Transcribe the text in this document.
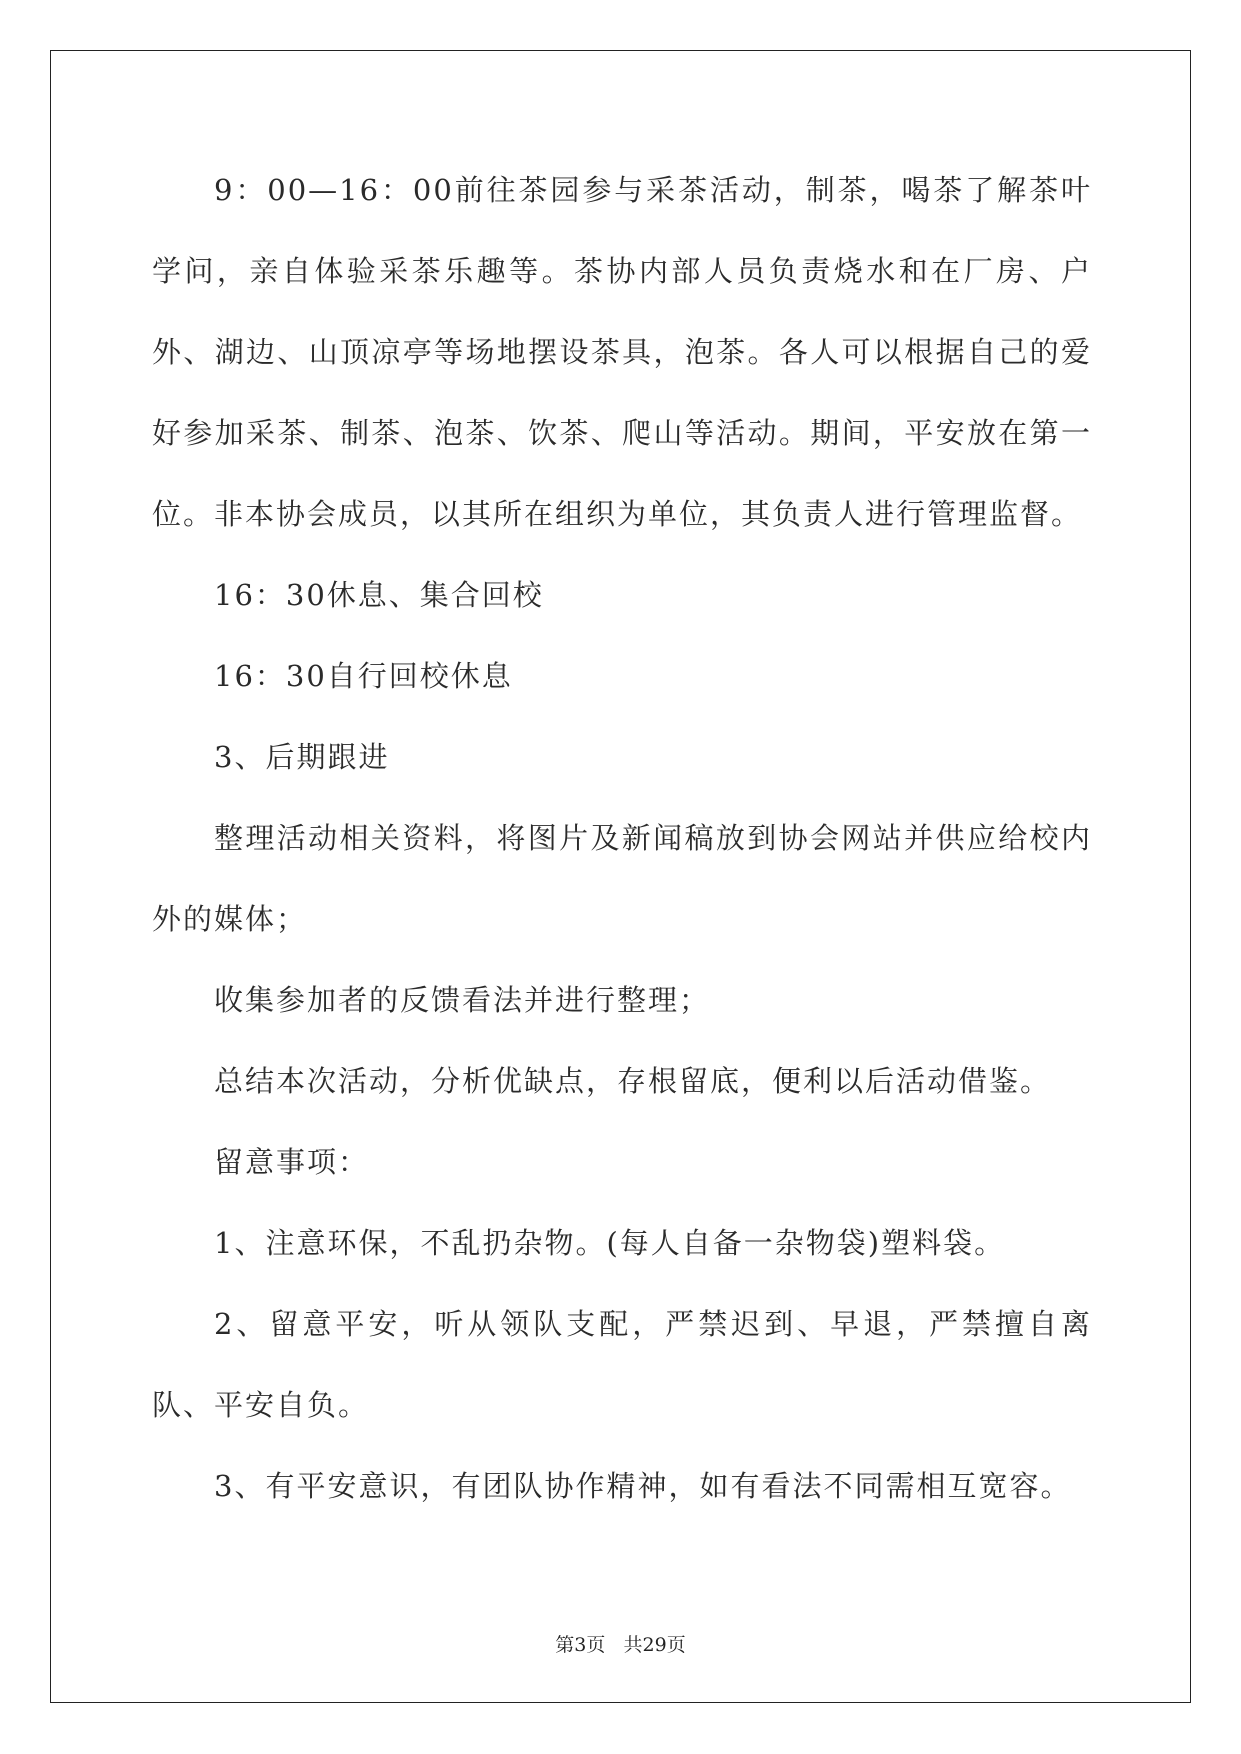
9：00—16：00前往茶园参与采茶活动，制茶，喝茶了解茶叶学问，亲自体验采茶乐趣等。茶协内部人员负责烧水和在厂房、户外、湖边、山顶凉亭等场地摆设茶具，泡茶。各人可以根据自己的爱好参加采茶、制茶、泡茶、饮茶、爬山等活动。期间，平安放在第一位。非本协会成员，以其所在组织为单位，其负责人进行管理监督。

16：30休息、集合回校

16：30自行回校休息

3、后期跟进

整理活动相关资料，将图片及新闻稿放到协会网站并供应给校内外的媒体；

收集参加者的反馈看法并进行整理；

总结本次活动，分析优缺点，存根留底，便利以后活动借鉴。

留意事项：

1、注意环保，不乱扔杂物。(每人自备一杂物袋)塑料袋。

2、留意平安，听从领队支配，严禁迟到、早退，严禁擅自离队、平安自负。

3、有平安意识，有团队协作精神，如有看法不同需相互宽容。

第3页 共29页
